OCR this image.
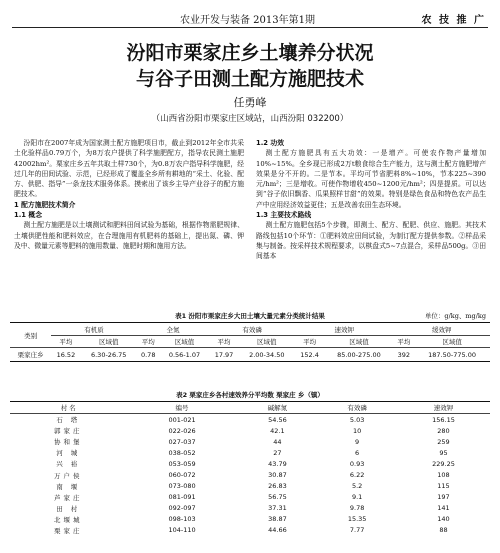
农业开发与装备 2013年第1期	农 技 推 广
汾阳市栗家庄乡土壤养分状况
与谷子田测土配方施肥技术
任勇峰
（山西省汾阳市栗家庄区域站，山西汾阳 032200）

汾阳市在2007年成为国家测土配方施肥项目市，截止到2012年全市共采土化验样品0.79万个，为8万农户提供了科学施肥配方，指导农民测土施肥42002hm²。栗家庄乡五年共取土样730个，为0.8万农户指导科学施肥，经过几年的田间试验、示范，已经形成了覆盖全乡所有耕地的“采土、化验、配方、供肥、指导”一条龙技术服务体系。摸索出了该乡主导产业谷子的配方施肥技术。

1 配方施肥技术简介

1.1 概念

测土配方施肥是以土壤测试和肥料田间试验为基础，根据作物需肥规律、土壤供肥性能和肥料效应，在合理施用有机肥料的基础上，提出氮、磷、钾及中、微量元素等肥料的施用数量、施肥时期和施用方法。

1.2 功效

测土配方施肥具有五大功效：一是增产。可使农作物产量增加10%~15%。全乡现已形成2万t粮食综合生产能力，这与测土配方施肥增产效果是分不开的。二是节本。平均可节省肥料8%~10%，节本225~390元/hm²；三是增收。可使作物增收450~1200元/hm²；四是提质。可以达到“谷子依旧飘香、瓜果照样甘甜”的效果。特别是绿色食品和特色农产品生产中应用经济效益更佳；五是改善农田生态环境。

1.3 主要技术路线

测土配方施肥包括5个步骤，即测土、配方、配肥、供应、施肥。其技术路线包括10个环节：①肥料效应田间试验，为制订配方提供参数。②样品采集与制备。按采样技术规程要求，以棋盘式5~7点混合，采样品500g。③田间基本

表1 汾阳市栗家庄乡大田土壤大量元素分类统计结果	单位：g/kg、mg/kg
类别	有机质		全氮		有效磷		速效钾		缓效钾	
	平均	区域值	平均	区域值	平均	区域值	平均	区域值	平均	区域值
栗家庄乡	16.52	6.30-26.75	0.78	0.56-1.07	17.97	2.00-34.50	152.4	85.00-275.00	392	187.50-775.00
表2 栗家庄乡各村速效养分平均数 栗家庄 乡（镇）
村 名	编号	碱解氮	有效磷	速效钾
石 塔	001-021	54.56	5.03	156.15
郭家庄	022-026	42.1	10	280
协和堡	027-037	44	9	259
河 城	038-052	27	6	95
兴 裕	053-059	43.79	0.93	229.25
万户侯	060-072	30.87	6.22	108
南 堰	073-080	26.83	5.2	115
芦家庄	081-091	56.75	9.1	197
田 村	092-097	37.31	9.78	141
北堰城	098-103	38.87	15.35	140
栗家庄	104-110	44.66	7.77	88
